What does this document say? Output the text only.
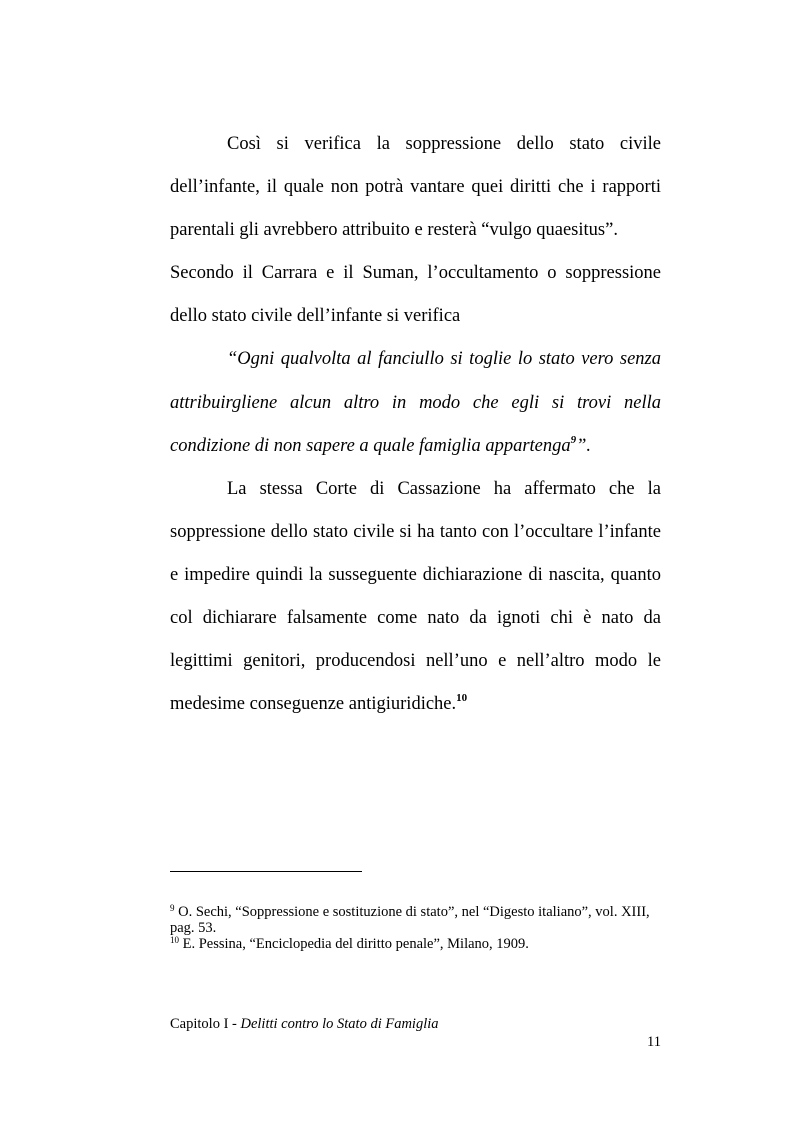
Così si verifica la soppressione dello stato civile
dell’infante, il quale non potrà vantare quei diritti che i rapporti
parentali gli avrebbero attribuito e resterà “vulgo quaesitus”.
Secondo il Carrara e il Suman, l’occultamento o soppressione
dello stato civile dell’infante si verifica
“Ogni qualvolta al fanciullo si toglie lo stato vero senza
attribuirgliene alcun altro in modo che egli si trovi nella
condizione di non sapere a quale famiglia appartenga$^9$”.
La stessa Corte di Cassazione ha affermato che la
soppressione dello stato civile si ha tanto con l’occultare l’infante
e impedire quindi la susseguente dichiarazione di nascita, quanto
col dichiarare falsamente come nato da ignoti chi è nato da
legittimi genitori, producendosi nell’uno e nell’altro modo le
medesime conseguenze antigiuridiche.$^{10}$
$^9$ O. Sechi, “Soppressione e sostituzione di stato”, nel “Digesto italiano”, vol. XIII,
pag. 53.
$^{10}$ E. Pessina, “Enciclopedia del diritto penale”, Milano, 1909.
Capitolo I - Delitti contro lo Stato di Famiglia
11
